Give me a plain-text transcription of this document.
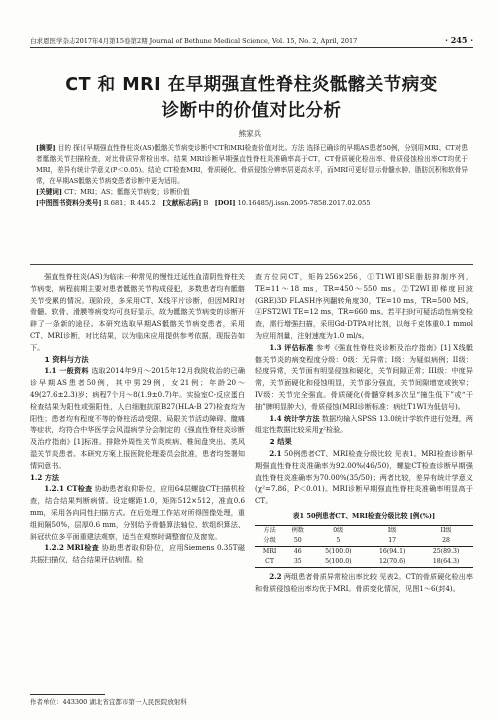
白求恩医学杂志2017年4月第15卷第2期 Journal of Bethune Medical Science, Vol. 15, No. 2, April, 2017	· 245 ·
CT 和 MRI 在早期强直性脊柱炎骶髂关节病变
诊断中的价值对比分析
熊家兵
[摘要] 目的 探讨早期强直性脊柱炎(AS)骶髂关节病变诊断中CT和MRI检查价值对比。方法 选择已确诊的早期AS患者50例，分别用MRI、CT对患者骶髂关节扫描检查，对比骨质异常检出率。结果 MRI诊断早期强直性脊柱炎准确率高于CT，CT骨质硬化检出率、骨质侵蚀检出率CT均优于MRI，差异有统计学意义(P＜0.05)。结论 CT检查MRI，骨质硬化、骨质侵蚀分辨率居更高水平，而MRI可更好显示骨髓水肿、脂肪沉积和软骨异常，在早期AS骶髂关节病变患者诊断中更为适用。
[关键词] CT；MRI；AS；骶髂关节病变；诊断价值
[中图图书资料分类号] R 681；R 445.2 [文献标志码] B [DOI] 10.16485/j.issn.2095-7858.2017.02.055

强直性脊柱炎(AS)为临床一种常见的慢性迁延性血清阴性脊柱关节病变，病程前期主要对患者骶髂关节构成侵犯，多数患者均有骶髂关节受累的情况。现阶段，多采用CT、X线平片诊断，但因MRI对骨髓、软骨、滑膜等病变均可良好显示，故为骶髂关节病变的诊断开辟了一条新的途径。本研究选取早期AS骶髂关节病变患者，采用CT、MRI诊断，对比结果，以为临床应用提供参考依据，现报告如下。

1 资料与方法

1.1 一般资料 选取2014年9月～2015年12月我院收治的已确诊早期AS患者50例，其中男29例，女21例；年龄20～49(27.6±2.3)岁；病程7个月～8(1.9±0.7)年。实验室C-反应蛋白检查结果为阳性或强阳性，人白细胞抗原B27(HLA-B 27)检查均为阳性；患者均有程度不等的脊柱活动受限、局限关节活动障碍、髋痛等症状，均符合中华医学会风湿病学分会制定的《强直性脊柱炎诊断及治疗指南》[1]标准。排除外周性关节炎疾病、椎间盘突出、类风湿关节炎患者。本研究方案上报医院伦理委员会批准，患者均签署知情同意书。

1.2 方法

1.2.1 CT检查 协助患者取仰卧位，应用64层螺旋CT扫描机检查，结合结果判断病情。设定螺距1.0，矩阵512×512，准直0.6 mm，采用各向同性扫描方式。在后处理工作站对所得图像处理，重组间隔50%，层厚0.6 mm，分别给予骨骼算法轴位、软组织算法、斜冠状位多平面重建法观察，适当在观察时调整窗位及窗宽。

1.2.2 MRI检查 协助患者取仰卧位，应用Siemens 0.35T磁共振扫描仪，结合结果评估病情。检

查方位同CT，矩阵256×256，①T1WI即SE脂肪抑制序列，TE=11～18 ms，TR=450～550 ms。②T2WI即梯度回波(GRE)3D FLASH序列翻转角度30，TE=10 ms，TR=500 MS。④FST2WI TE=12 ms，TR=660 ms。若平扫时可疑活动性病变检查，需行增强扫描，采用Gd-DTPA对比剂，以每千克体重0.1 mmol为应用剂量，注射速度为1.0 ml/s。

1.3 评估标准 参考《强直性脊柱炎诊断及治疗指南》[1] X线骶髂关节炎的病变程度分级：0级：无异常；I级：为疑似病例；II级：轻度异常，关节面有明显侵蚀和硬化，关节间隙正常；III级：中度异常，关节面硬化和侵蚀明显，关节部分强直，关节间隙增宽或狭窄；IV级：关节完全强直。骨质硬化(骨髓穿刺多次呈“撞生低下”或“干抽”脾明显肿大)，骨质侵蚀(MRI诊断标准：病灶T1WI为低信号)。

1.4 统计学方法 数据均输入SPSS 13.0统计学软件进行处理，两组定性数据比较采用χ²检验。

2 结果

2.1 50例患者CT、MRI检查分级比较 见表1。MRI检查诊断早期强直性脊柱炎准确率为92.00%(46/50)，螺旋CT检查诊断早期强直性脊柱炎准确率为70.00%(35/50)；两者比较，差异有统计学意义(χ²=7.86，P＜0.01)。MRI诊断早期强直性脊柱炎准确率明显高于CT。

表1 50例患者CT、MRI检查分级比较 [例(%)]
方法	例数	0级	I级	II级
分级	50	5	17	28
MRI	46	5(100.0)	16(94.1)	25(89.3)
CT	35	5(100.0)	12(70.6)	18(64.3)

2.2 两组患者骨质异常检出率比较 见表2。CT的骨质硬化检出率和骨质侵蚀检出率均优于MRI。骨质变化情况，见图1～6(封4)。

作者单位：443300 湖北省宜都市第一人民医院放射科
